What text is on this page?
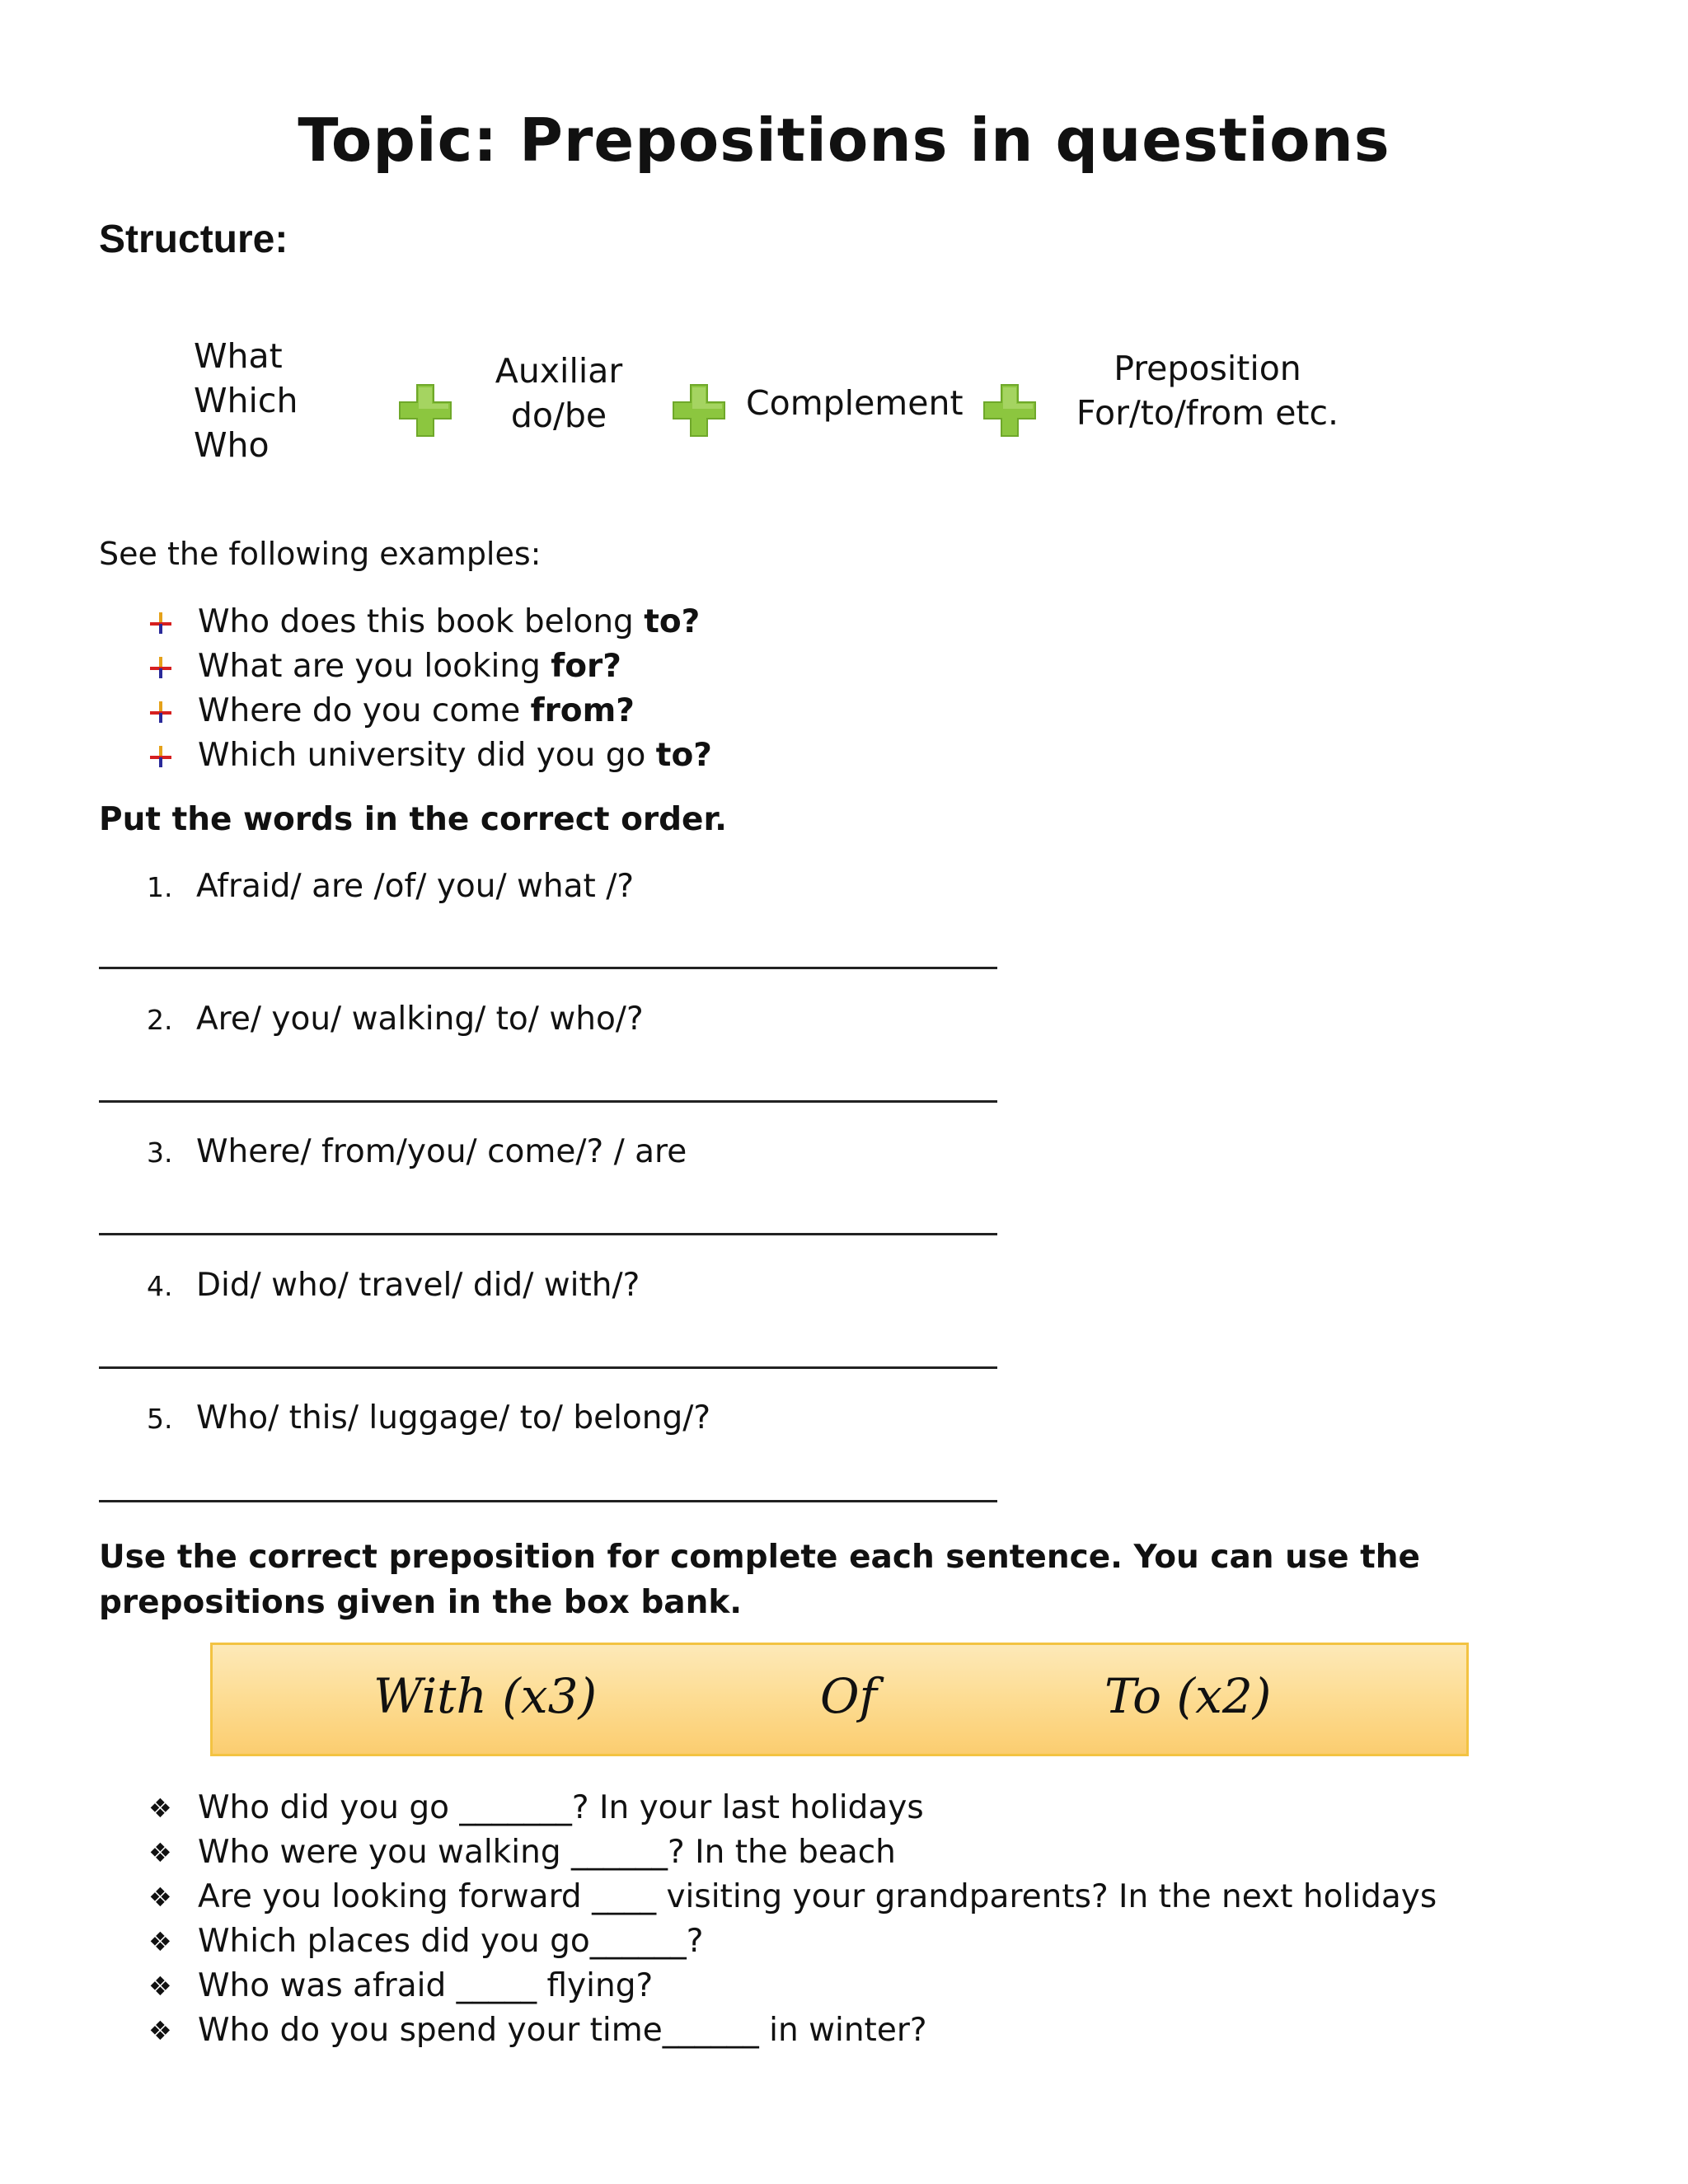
Topic: Prepositions in questions
Structure:
What
Which
Who
Auxiliar
do/be	Complement
Preposition
For/to/from etc.
See the following examples:
Who does this book belong to?
What are you looking for?
Where do you come from?
Which university did you go to?
Put the words in the correct order.
1. Afraid/ are /of/ you/ what /?
2. Are/ you/ walking/ to/ who/?
3. Where/ from/you/ come/? / are
4. Did/ who/ travel/ did/ with/?
5. Who/ this/ luggage/ to/ belong/?
Use the correct preposition for complete each sentence. You can use the prepositions given in the box bank.
With (x3)	Of	To (x2)
❖ Who did you go _______? In your last holidays
❖ Who were you walking ______? In the beach
❖ Are you looking forward ____ visiting your grandparents? In the next holidays
❖ Which places did you go______?
❖ Who was afraid _____ flying?
❖ Who do you spend your time______ in winter?
